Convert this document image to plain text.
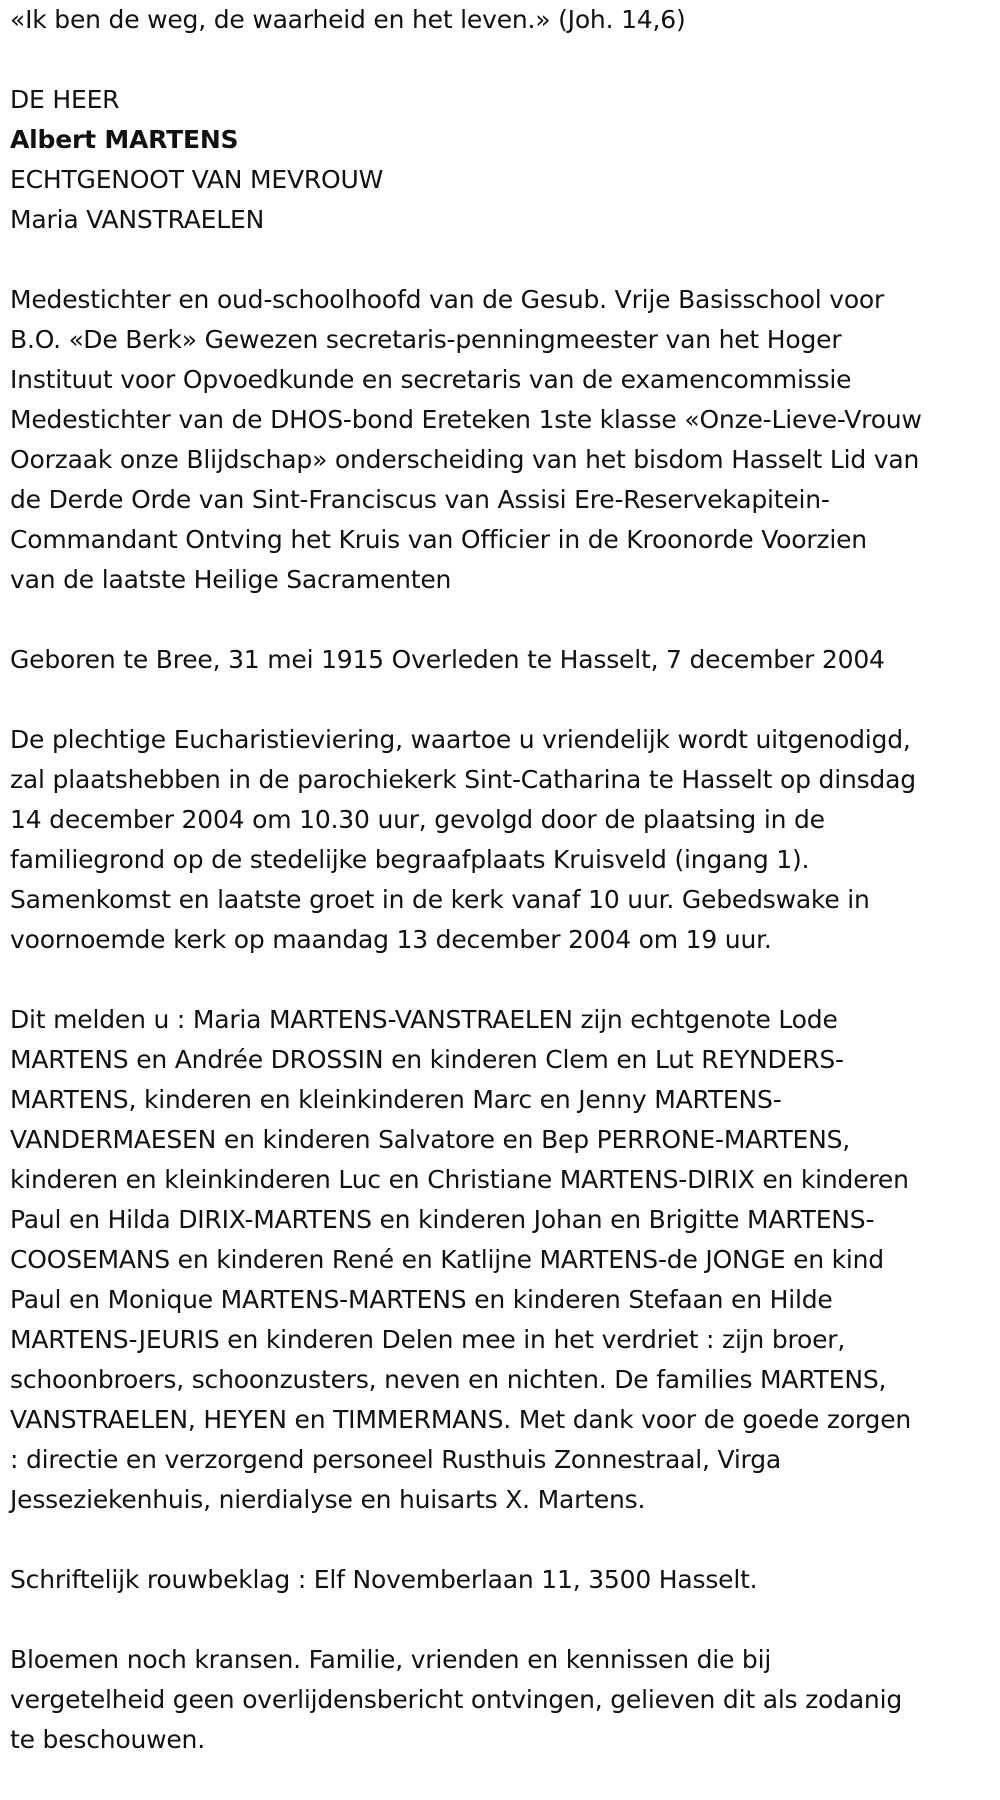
«Ik ben de weg, de waarheid en het leven.» (Joh. 14,6)
DE HEER
Albert MARTENS
ECHTGENOOT VAN MEVROUW
Maria VANSTRAELEN
Medestichter en oud-schoolhoofd van de Gesub. Vrije Basisschool voor
B.O. «De Berk» Gewezen secretaris-penningmeester van het Hoger
Instituut voor Opvoedkunde en secretaris van de examencommissie
Medestichter van de DHOS-bond Ereteken 1ste klasse «Onze-Lieve-Vrouw
Oorzaak onze Blijdschap» onderscheiding van het bisdom Hasselt Lid van
de Derde Orde van Sint-Franciscus van Assisi Ere-Reservekapitein-
Commandant Ontving het Kruis van Officier in de Kroonorde Voorzien
van de laatste Heilige Sacramenten
Geboren te Bree, 31 mei 1915 Overleden te Hasselt, 7 december 2004
De plechtige Eucharistieviering, waartoe u vriendelijk wordt uitgenodigd,
zal plaatshebben in de parochiekerk Sint-Catharina te Hasselt op dinsdag
14 december 2004 om 10.30 uur, gevolgd door de plaatsing in de
familiegrond op de stedelijke begraafplaats Kruisveld (ingang 1).
Samenkomst en laatste groet in de kerk vanaf 10 uur. Gebedswake in
voornoemde kerk op maandag 13 december 2004 om 19 uur.
Dit melden u : Maria MARTENS-VANSTRAELEN zijn echtgenote Lode
MARTENS en Andrée DROSSIN en kinderen Clem en Lut REYNDERS-
MARTENS, kinderen en kleinkinderen Marc en Jenny MARTENS-
VANDERMAESEN en kinderen Salvatore en Bep PERRONE-MARTENS,
kinderen en kleinkinderen Luc en Christiane MARTENS-DIRIX en kinderen
Paul en Hilda DIRIX-MARTENS en kinderen Johan en Brigitte MARTENS-
COOSEMANS en kinderen René en Katlijne MARTENS-de JONGE en kind
Paul en Monique MARTENS-MARTENS en kinderen Stefaan en Hilde
MARTENS-JEURIS en kinderen Delen mee in het verdriet : zijn broer,
schoonbroers, schoonzusters, neven en nichten. De families MARTENS,
VANSTRAELEN, HEYEN en TIMMERMANS. Met dank voor de goede zorgen
: directie en verzorgend personeel Rusthuis Zonnestraal, Virga
Jesseziekenhuis, nierdialyse en huisarts X. Martens.
Schriftelijk rouwbeklag : Elf Novemberlaan 11, 3500 Hasselt.
Bloemen noch kransen. Familie, vrienden en kennissen die bij
vergetelheid geen overlijdensbericht ontvingen, gelieven dit als zodanig
te beschouwen.
